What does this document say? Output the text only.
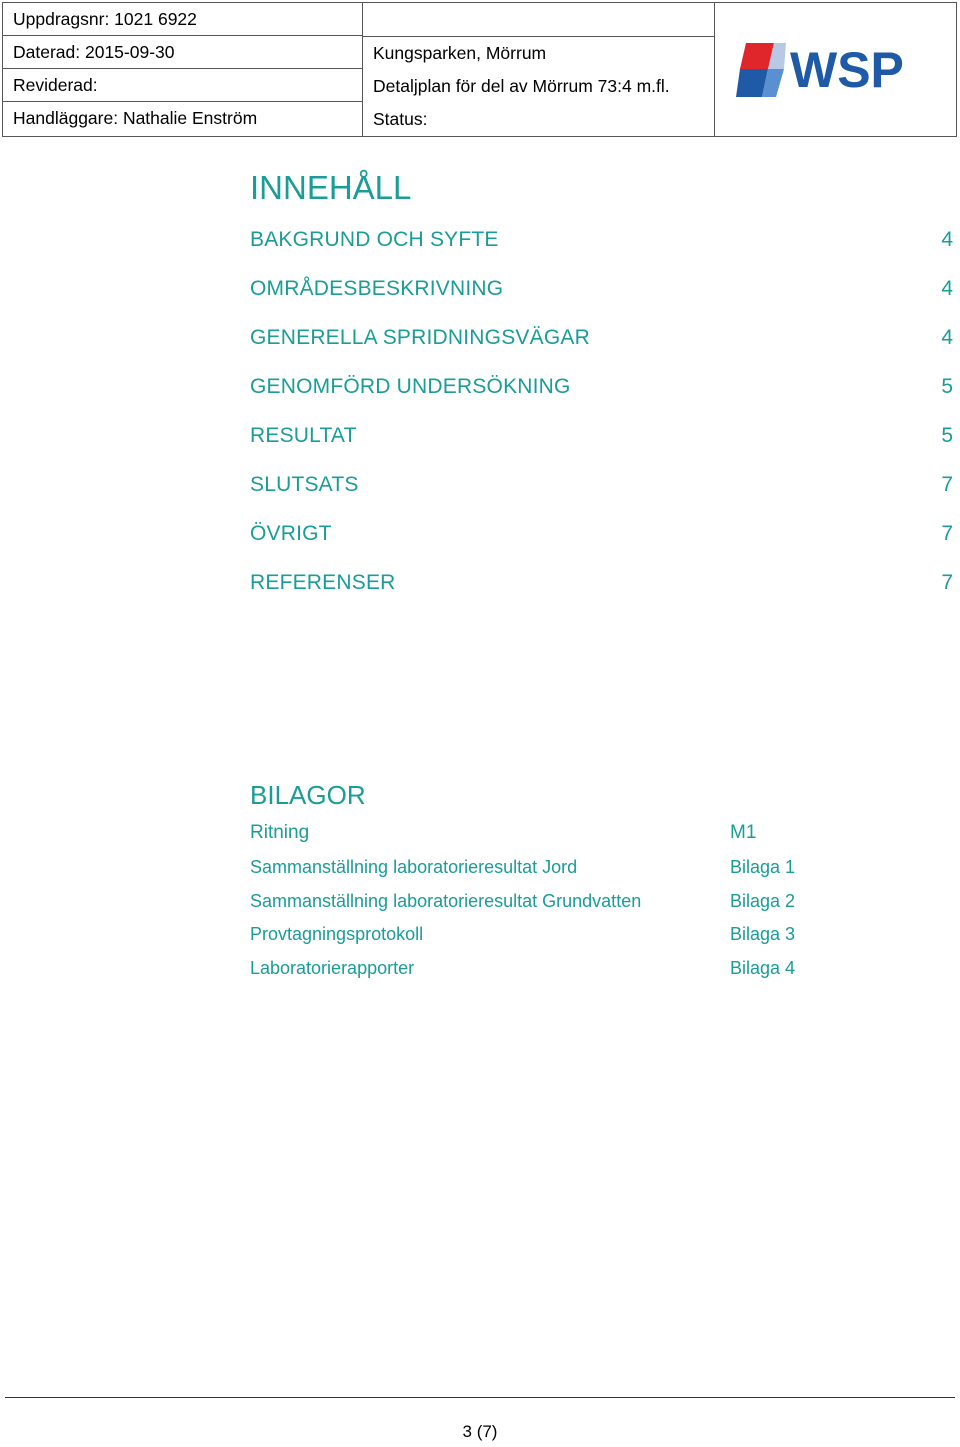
Uppdragsnr: 1021 6922
Daterad: 2015-09-30
Reviderad:
Handläggare: Nathalie Enström
Kungsparken, Mörrum
Detaljplan för del av Mörrum 73:4 m.fl.
Status:
WSP
INNEHÅLL
BAKGRUND OCH SYFTE	4
OMRÅDESBESKRIVNING	4
GENERELLA SPRIDNINGSVÄGAR	4
GENOMFÖRD UNDERSÖKNING	5
RESULTAT	5
SLUTSATS	7
ÖVRIGT	7
REFERENSER	7
BILAGOR
Ritning	M1
Sammanställning laboratorieresultat Jord	Bilaga 1
Sammanställning laboratorieresultat Grundvatten	Bilaga 2
Provtagningsprotokoll	Bilaga 3
Laboratorierapporter	Bilaga 4
3 (7)
